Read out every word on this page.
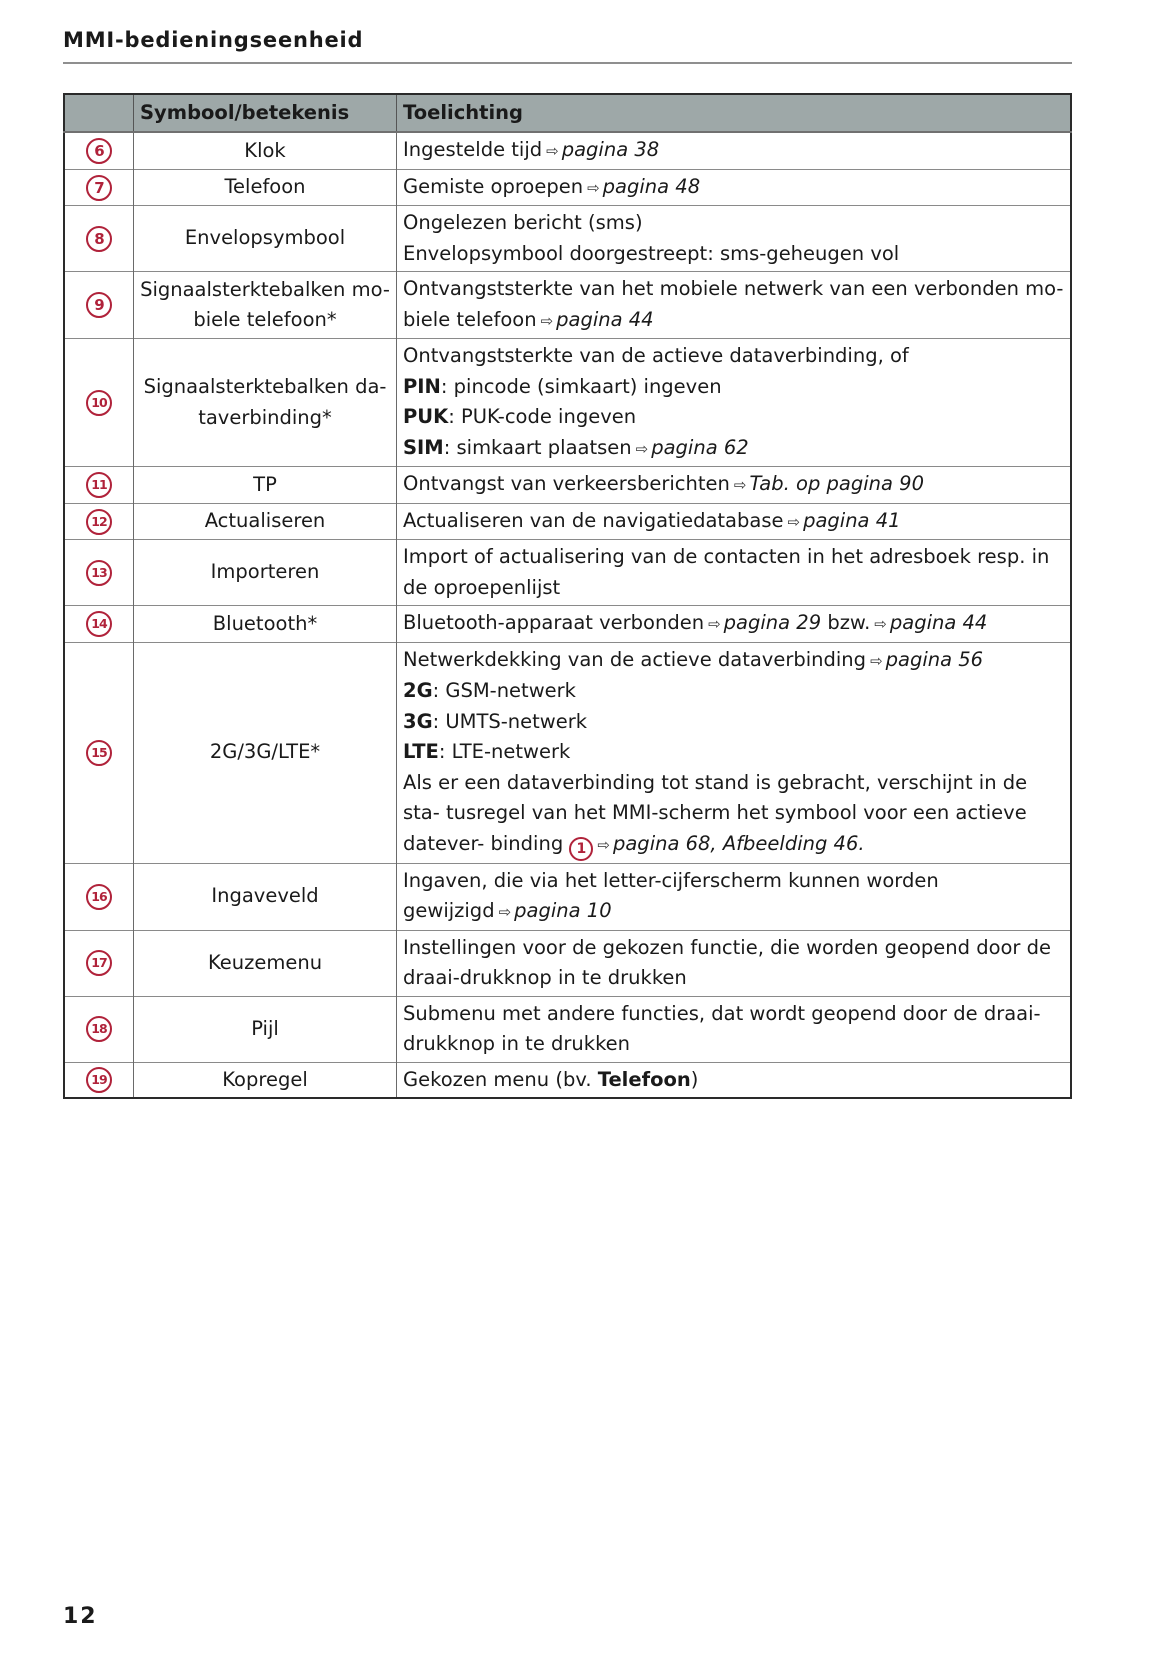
MMI-bedieningseenheid
	Symbool/betekenis	Toelichting
6	Klok	Ingestelde tijd ⇨ pagina 38

7	Telefoon	Gemiste oproepen ⇨ pagina 48

8	Envelopsymbool	Ongelezen bericht (sms)
Envelopsymbool doorgestreept: sms-geheugen vol

9	Signaalsterktebalken mo- biele telefoon*	Ontvangststerkte van het mobiele netwerk van een verbonden mo- biele telefoon ⇨ pagina 44

10	Signaalsterktebalken da- taverbinding*	Ontvangststerkte van de actieve dataverbinding, of
PIN: pincode (simkaart) ingeven
PUK: PUK-code ingeven
SIM: simkaart plaatsen ⇨ pagina 62

11	TP	Ontvangst van verkeersberichten ⇨ Tab. op pagina 90

12	Actualiseren	Actualiseren van de navigatiedatabase ⇨ pagina 41

13	Importeren	Import of actualisering van de contacten in het adresboek resp. in de oproepenlijst

14	Bluetooth*	Bluetooth-apparaat verbonden ⇨ pagina 29 bzw. ⇨ pagina 44

15	2G/3G/LTE*	Netwerkdekking van de actieve dataverbinding ⇨ pagina 56
2G: GSM-netwerk
3G: UMTS-netwerk
LTE: LTE-netwerk
Als er een dataverbinding tot stand is gebracht, verschijnt in de sta- tusregel van het MMI-scherm het symbool voor een actieve datever- binding 1 ⇨ pagina 68, Afbeelding 46.

16	Ingaveveld	Ingaven, die via het letter-cijferscherm kunnen worden gewijzigd ⇨ pagina 10

17	Keuzemenu	Instellingen voor de gekozen functie, die worden geopend door de draai-drukknop in te drukken

18	Pijl	Submenu met andere functies, dat wordt geopend door de draai- drukknop in te drukken

19	Kopregel	Gekozen menu (bv. Telefoon)
12
